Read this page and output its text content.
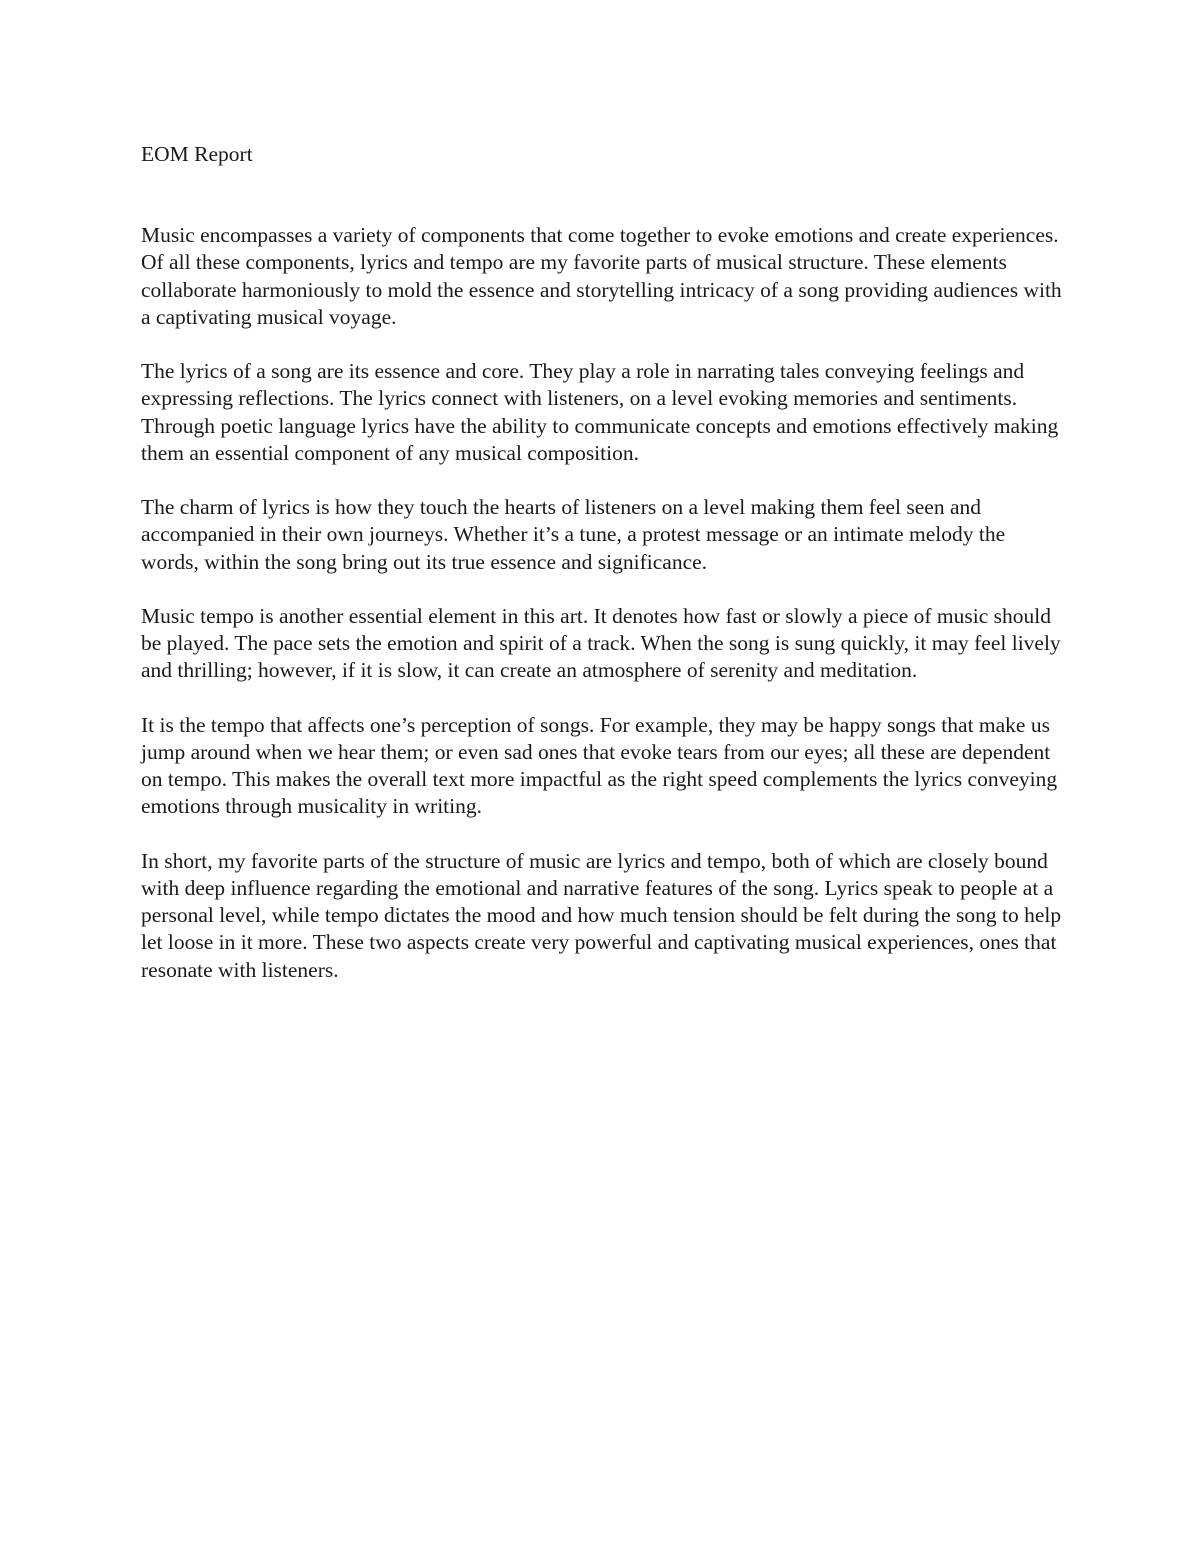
EOM Report

Music encompasses a variety of components that come together to evoke emotions and create experiences. Of all these components, lyrics and tempo are my favorite parts of musical structure. These elements collaborate harmoniously to mold the essence and storytelling intricacy of a song providing audiences with a captivating musical voyage.

The lyrics of a song are its essence and core. They play a role in narrating tales conveying feelings and expressing reflections. The lyrics connect with listeners, on a level evoking memories and sentiments. Through poetic language lyrics have the ability to communicate concepts and emotions effectively making them an essential component of any musical composition.

The charm of lyrics is how they touch the hearts of listeners on a level making them feel seen and accompanied in their own journeys. Whether it’s a tune, a protest message or an intimate melody the words, within the song bring out its true essence and significance.

Music tempo is another essential element in this art. It denotes how fast or slowly a piece of music should be played. The pace sets the emotion and spirit of a track. When the song is sung quickly, it may feel lively and thrilling; however, if it is slow, it can create an atmosphere of serenity and meditation.

It is the tempo that affects one’s perception of songs. For example, they may be happy songs that make us jump around when we hear them; or even sad ones that evoke tears from our eyes; all these are dependent on tempo. This makes the overall text more impactful as the right speed complements the lyrics conveying emotions through musicality in writing.

In short, my favorite parts of the structure of music are lyrics and tempo, both of which are closely bound with deep influence regarding the emotional and narrative features of the song. Lyrics speak to people at a personal level, while tempo dictates the mood and how much tension should be felt during the song to help let loose in it more. These two aspects create very powerful and captivating musical experiences, ones that resonate with listeners.
